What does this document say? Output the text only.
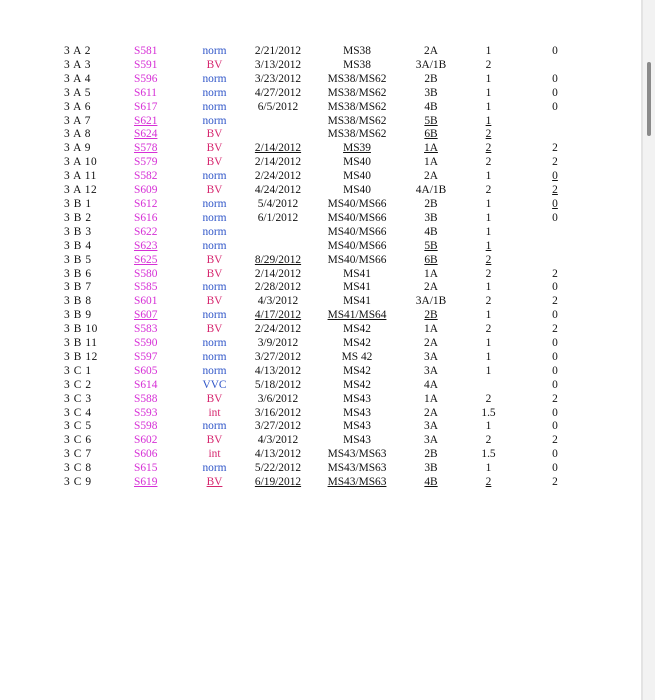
3 A 2	S581	norm	2/21/2012	MS38	2A	1	0
3 A 3	S591	BV	3/13/2012	MS38	3A/1B	2	
3 A 4	S596	norm	3/23/2012	MS38/MS62	2B	1	0
3 A 5	S611	norm	4/27/2012	MS38/MS62	3B	1	0
3 A 6	S617	norm	6/5/2012	MS38/MS62	4B	1	0
3 A 7	S621	norm		MS38/MS62	5B	1	
3 A 8	S624	BV		MS38/MS62	6B	2	
3 A 9	S578	BV	2/14/2012	MS39	1A	2	2
3 A 10	S579	BV	2/14/2012	MS40	1A	2	2
3 A 11	S582	norm	2/24/2012	MS40	2A	1	0
3 A 12	S609	BV	4/24/2012	MS40	4A/1B	2	2
3 B 1	S612	norm	5/4/2012	MS40/MS66	2B	1	0
3 B 2	S616	norm	6/1/2012	MS40/MS66	3B	1	0
3 B 3	S622	norm		MS40/MS66	4B	1	
3 B 4	S623	norm		MS40/MS66	5B	1	
3 B 5	S625	BV	8/29/2012	MS40/MS66	6B	2	
3 B 6	S580	BV	2/14/2012	MS41	1A	2	2
3 B 7	S585	norm	2/28/2012	MS41	2A	1	0
3 B 8	S601	BV	4/3/2012	MS41	3A/1B	2	2
3 B 9	S607	norm	4/17/2012	MS41/MS64	2B	1	0
3 B 10	S583	BV	2/24/2012	MS42	1A	2	2
3 B 11	S590	norm	3/9/2012	MS42	2A	1	0
3 B 12	S597	norm	3/27/2012	MS 42	3A	1	0
3 C 1	S605	norm	4/13/2012	MS42	3A	1	0
3 C 2	S614	VVC	5/18/2012	MS42	4A		0
3 C 3	S588	BV	3/6/2012	MS43	1A	2	2
3 C 4	S593	int	3/16/2012	MS43	2A	1.5	0
3 C 5	S598	norm	3/27/2012	MS43	3A	1	0
3 C 6	S602	BV	4/3/2012	MS43	3A	2	2
3 C 7	S606	int	4/13/2012	MS43/MS63	2B	1.5	0
3 C 8	S615	norm	5/22/2012	MS43/MS63	3B	1	0
3 C 9	S619	BV	6/19/2012	MS43/MS63	4B	2	2
